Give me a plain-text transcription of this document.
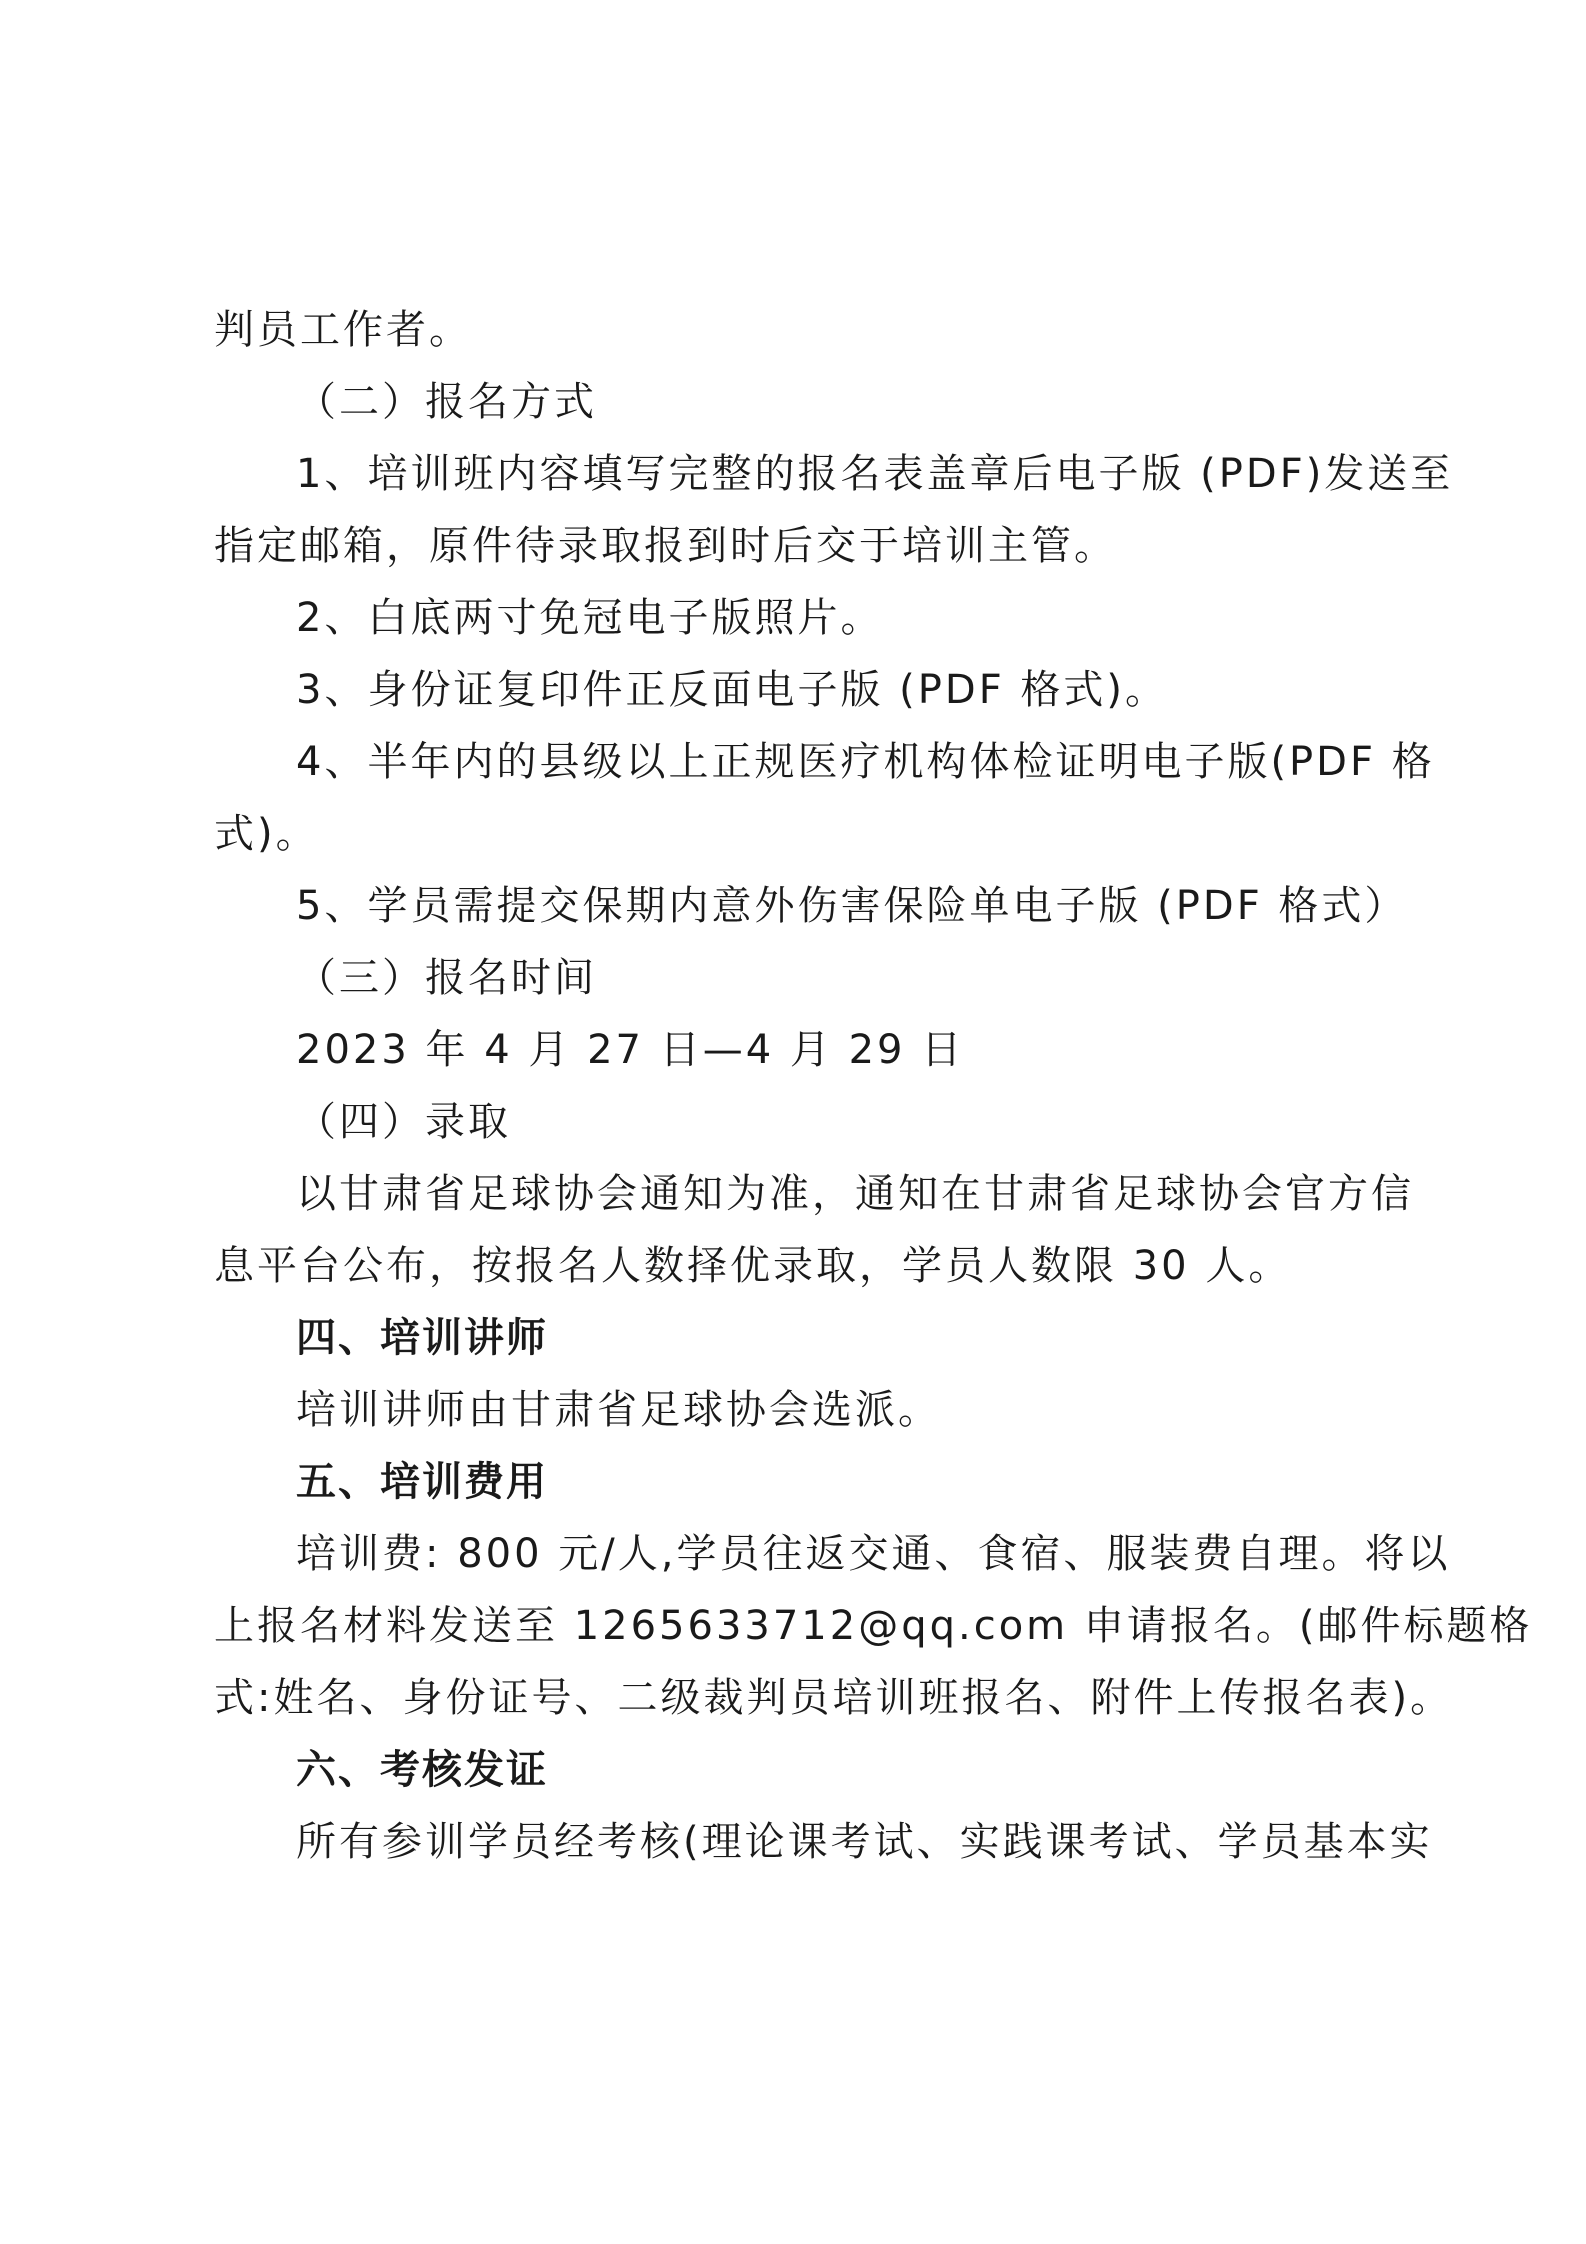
判员工作者。
（二）报名方式
1、培训班内容填写完整的报名表盖章后电子版 (PDF)发送至
指定邮箱，原件待录取报到时后交于培训主管。
2、白底两寸免冠电子版照片。
3、身份证复印件正反面电子版 (PDF 格式)。
4、半年内的县级以上正规医疗机构体检证明电子版(PDF 格
式)。
5、学员需提交保期内意外伤害保险单电子版 (PDF 格式）
（三）报名时间
2023 年 4 月 27 日—4 月 29 日
（四）录取
以甘肃省足球协会通知为准，通知在甘肃省足球协会官方信
息平台公布，按报名人数择优录取，学员人数限 30 人。
四、培训讲师
培训讲师由甘肃省足球协会选派。
五、培训费用
培训费: 800 元/人,学员往返交通、食宿、服装费自理。将以
上报名材料发送至 1265633712@qq.com 申请报名。(邮件标题格
式:姓名、身份证号、二级裁判员培训班报名、附件上传报名表)。
六、考核发证
所有参训学员经考核(理论课考试、实践课考试、学员基本实
